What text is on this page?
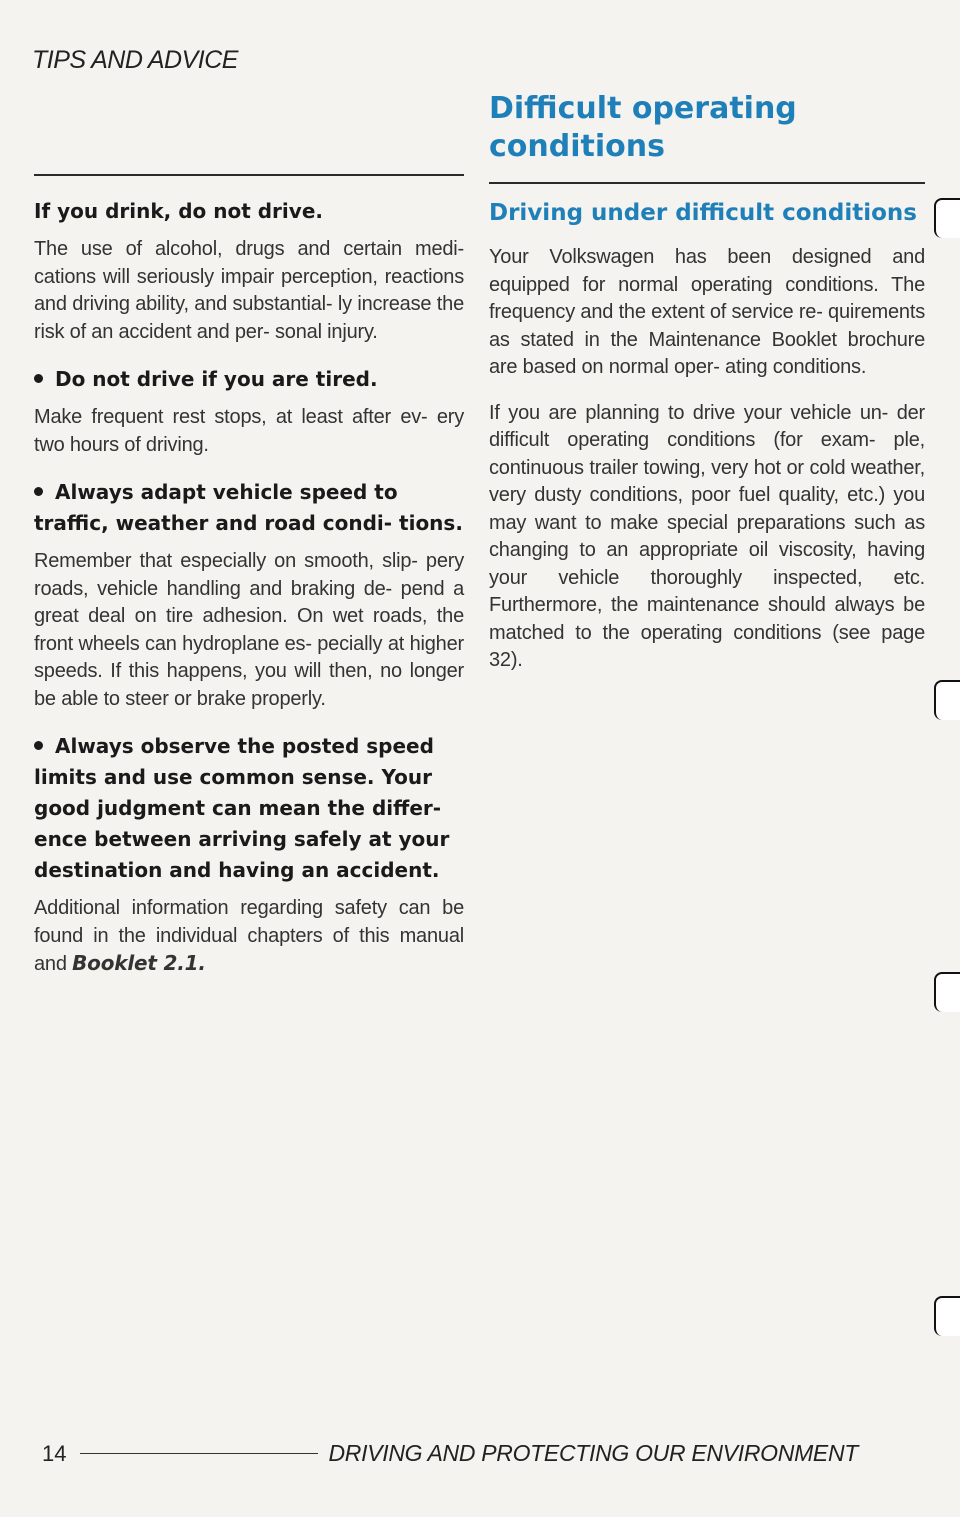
TIPS AND ADVICE
If you drink, do not drive.

The use of alcohol, drugs and certain medi- cations will seriously impair perception, reactions and driving ability, and substantial- ly increase the risk of an accident and per- sonal injury.

Do not drive if you are tired.

Make frequent rest stops, at least after ev- ery two hours of driving.

Always adapt vehicle speed to traffic, weather and road condi- tions.

Remember that especially on smooth, slip- pery roads, vehicle handling and braking de- pend a great deal on tire adhesion. On wet roads, the front wheels can hydroplane es- pecially at higher speeds. If this happens, you will then, no longer be able to steer or brake properly.

Always observe the posted speed limits and use common sense. Your good judgment can mean the differ- ence between arriving safely at your destination and having an accident.

Additional information regarding safety can be found in the individual chapters of this manual and Booklet 2.1.

Difficult operating conditions
Driving under difficult conditions

Your Volkswagen has been designed and equipped for normal operating conditions. The frequency and the extent of service re- quirements as stated in the Maintenance Booklet brochure are based on normal oper- ating conditions.

If you are planning to drive your vehicle un- der difficult operating conditions (for exam- ple, continuous trailer towing, very hot or cold weather, very dusty conditions, poor fuel quality, etc.) you may want to make special preparations such as changing to an appropriate oil viscosity, having your vehicle thoroughly inspected, etc. Furthermore, the maintenance should always be matched to the operating conditions (see page 32).

14	DRIVING AND PROTECTING OUR ENVIRONMENT
